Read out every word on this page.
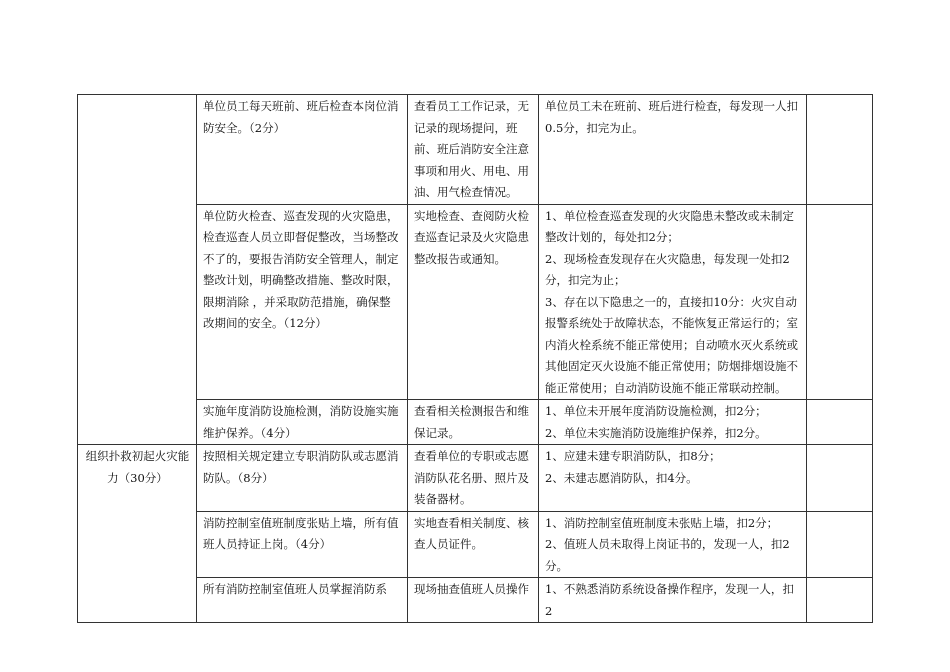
	单位员工每天班前、班后检查本岗位消防安全。（2分）	查看员工工作记录，无记录的现场提问，班前、班后消防安全注意事项和用火、用电、用油、用气检查情况。	单位员工未在班前、班后进行检查，每发现一人扣0.5分，扣完为止。	
	单位防火检查、巡查发现的火灾隐患，检查巡查人员立即督促整改，当场整改不了的，要报告消防安全管理人，制定整改计划，明确整改措施、整改时限，限期消除 ，并采取防范措施，确保整改期间的安全。（12分）	实地检查、查阅防火检查巡查记录及火灾隐患整改报告或通知。	1、单位检查巡查发现的火灾隐患未整改或未制定整改计划的，每处扣2分；
2、现场检查发现存在火灾隐患，每发现一处扣2分，扣完为止；
3、存在以下隐患之一的，直接扣10分：火灾自动报警系统处于故障状态，不能恢复正常运行的；室内消火栓系统不能正常使用；自动喷水灭火系统或其他固定灭火设施不能正常使用；防烟排烟设施不能正常使用；自动消防设施不能正常联动控制。	
	实施年度消防设施检测，消防设施实施维护保养。（4分）	查看相关检测报告和维保记录。	1、单位未开展年度消防设施检测，扣2分；
2、单位未实施消防设施维护保养，扣2分。	
组织扑救初起火灾能力（30分）	按照相关规定建立专职消防队或志愿消防队。（8分）	查看单位的专职或志愿消防队花名册、照片及装备器材。	1、应建未建专职消防队，扣8分；
2、未建志愿消防队，扣4分。	
	消防控制室值班制度张贴上墙，所有值班人员持证上岗。（4分）	实地查看相关制度、核查人员证件。	1、消防控制室值班制度未张贴上墙，扣2分；
2、值班人员未取得上岗证书的，发现一人，扣2分。	
	所有消防控制室值班人员掌握消防系	现场抽查值班人员操作	1、不熟悉消防系统设备操作程序，发现一人，扣2	
